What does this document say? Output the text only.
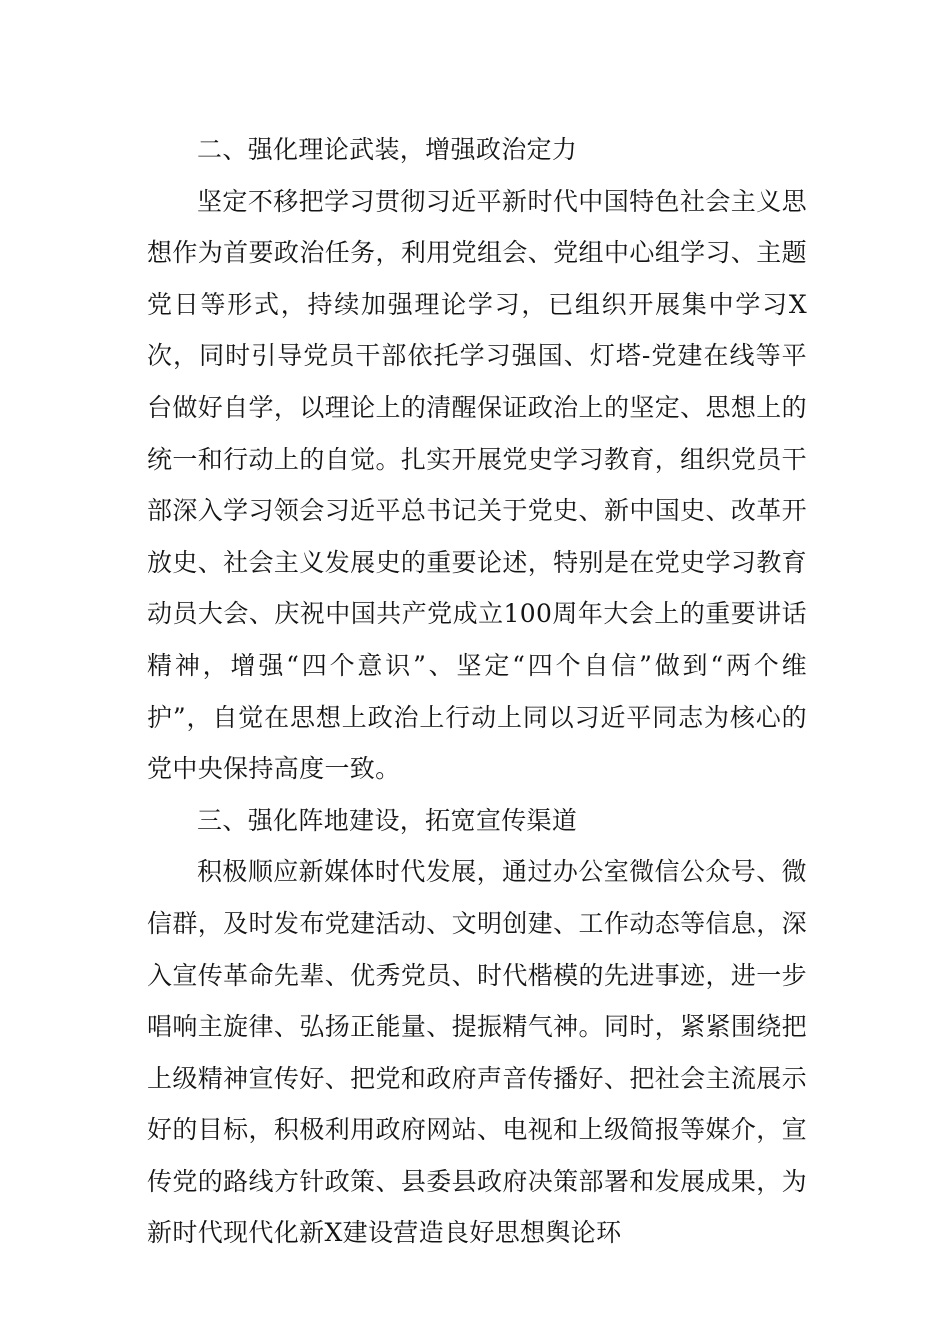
二、强化理论武装，增强政治定力

坚定不移把学习贯彻习近平新时代中国特色社会主义思想作为首要政治任务，利用党组会、党组中心组学习、主题党日等形式，持续加强理论学习，已组织开展集中学习X次，同时引导党员干部依托学习强国、灯塔-党建在线等平台做好自学，以理论上的清醒保证政治上的坚定、思想上的统一和行动上的自觉。扎实开展党史学习教育，组织党员干部深入学习领会习近平总书记关于党史、新中国史、改革开放史、社会主义发展史的重要论述，特别是在党史学习教育动员大会、庆祝中国共产党成立100周年大会上的重要讲话精神，增强“四个意识”、坚定“四个自信”做到“两个维护”，自觉在思想上政治上行动上同以习近平同志为核心的党中央保持高度一致。

三、强化阵地建设，拓宽宣传渠道

积极顺应新媒体时代发展，通过办公室微信公众号、微信群，及时发布党建活动、文明创建、工作动态等信息，深入宣传革命先辈、优秀党员、时代楷模的先进事迹，进一步唱响主旋律、弘扬正能量、提振精气神。同时，紧紧围绕把上级精神宣传好、把党和政府声音传播好、把社会主流展示好的目标，积极利用政府网站、电视和上级简报等媒介，宣传党的路线方针政策、县委县政府决策部署和发展成果，为新时代现代化新X建设营造良好思想舆论环
